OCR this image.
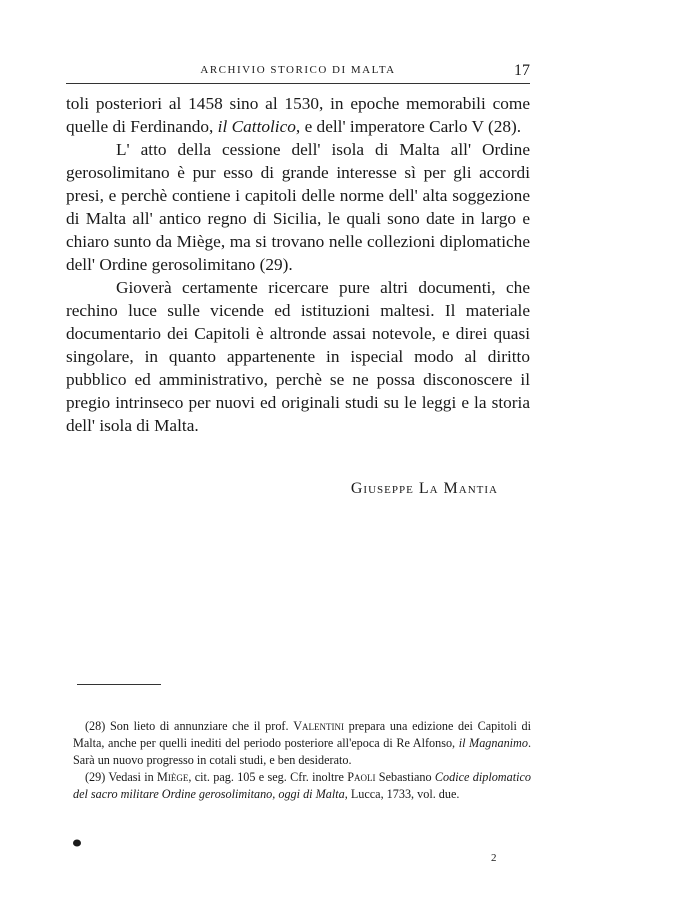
ARCHIVIO STORICO DI MALTA	17

toli posteriori al 1458 sino al 1530, in epoche memorabili come quelle di Ferdinando, il Cattolico, e dell' imperatore Carlo V (28).

L' atto della cessione dell' isola di Malta all' Ordine gerosolimitano è pur esso di grande interesse sì per gli accordi presi, e perchè contiene i capitoli delle norme dell' alta soggezione di Malta all' antico regno di Sicilia, le quali sono date in largo e chiaro sunto da Miège, ma si trovano nelle collezioni diplomatiche dell' Ordine gerosolimitano (29).

Gioverà certamente ricercare pure altri documenti, che rechino luce sulle vicende ed istituzioni maltesi. Il materiale documentario dei Capitoli è altronde assai notevole, e direi quasi singolare, in quanto appartenente in ispecial modo al diritto pubblico ed amministrativo, perchè se ne possa disconoscere il pregio intrinseco per nuovi ed originali studi su le leggi e la storia dell' isola di Malta.

Giuseppe La Mantia

(28) Son lieto di annunziare che il prof. Valentini prepara una edizione dei Capitoli di Malta, anche per quelli inediti del periodo posteriore all'epoca di Re Alfonso, il Magnanimo. Sarà un nuovo progresso in cotali studi, e ben desiderato.

(29) Vedasi in Miège, cit. pag. 105 e seg. Cfr. inoltre Paoli Sebastiano Codice diplomatico del sacro militare Ordine gerosolimitano, oggi di Malta, Lucca, 1733, vol. due.

2
